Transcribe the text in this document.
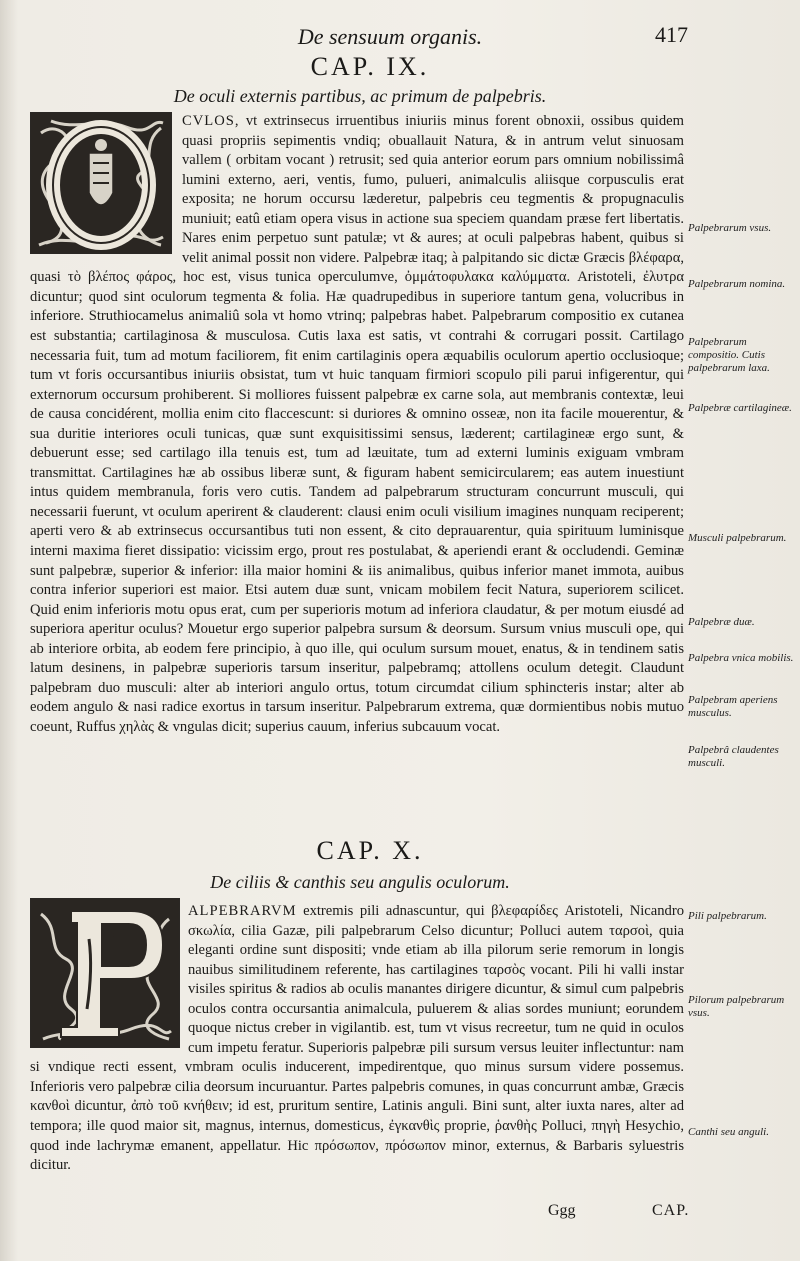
De sensuum organis.	417
CAP. IX.
De oculi externis partibus, ac primum de palpebris.
CVLOS, vt extrinsecus irruentibus iniuriis minus forent obnoxii, ossibus quidem quasi propriis sepimentis vndiq; obuallauit Natura, & in antrum velut sinuosam vallem ( orbitam vocant ) retrusit; sed quia anterior eorum pars omnium nobilissimâ lumini externo, aeri, ventis, fumo, pulueri, animalculis aliisque corpusculis erat exposita; ne horum occursu læderetur, palpebris ceu tegmentis & propugnaculis muniuit; eatû etiam opera visus in actione sua speciem quandam præse fert libertatis. Nares enim perpetuo sunt patulæ; vt & aures; at oculi palpebras habent, quibus si velit animal possit non videre. Palpebræ itaq; à palpitando sic dictæ Græcis βλέφαρα, quasi τὸ βλέπος φάρος, hoc est, visus tunica operculumve, ὀμμάτοφυλακα καλύμματα. Aristoteli, ἐλυτρα dicuntur; quod sint oculorum tegmenta & folia. Hæ quadrupedibus in superiore tantum gena, volucribus in inferiore. Struthiocamelus animaliû sola vt homo vtrinq; palpebras habet. Palpebrarum compositio ex cutanea est substantia; cartilaginosa & musculosa. Cutis laxa est satis, vt contrahi & corrugari possit. Cartilago necessaria fuit, tum ad motum faciliorem, fit enim cartilaginis opera æquabilis oculorum apertio occlusioque; tum vt foris occursantibus iniuriis obsistat, tum vt huic tanquam firmiori scopulo pili parui infigerentur, qui externorum occursum prohiberent. Si molliores fuissent palpebræ ex carne sola, aut membranis contextæ, leui de causa concidérent, mollia enim cito flaccescunt: si duriores & omnino osseæ, non ita facile mouerentur, & sua duritie interiores oculi tunicas, quæ sunt exquisitissimi sensus, læderent; cartilagineæ ergo sunt, & debuerunt esse; sed cartilago illa tenuis est, tum ad læuitate, tum ad externi luminis exiguam vmbram transmittat. Cartilagines hæ ab ossibus liberæ sunt, & figuram habent semicircularem; eas autem inuestiunt intus quidem membranula, foris vero cutis. Tandem ad palpebrarum structuram concurrunt musculi, qui necessarii fuerunt, vt oculum aperirent & clauderent: clausi enim oculi visilium imagines nunquam reciperent; aperti vero & ab extrinsecus occursantibus tuti non essent, & cito deprauarentur, quia spirituum luminisque interni maxima fieret dissipatio: vicissim ergo, prout res postulabat, & aperiendi erant & occludendi. Geminæ sunt palpebræ, superior & inferior: illa maior homini & iis animalibus, quibus inferior manet immota, auibus contra inferior superiori est maior. Etsi autem duæ sunt, vnicam mobilem fecit Natura, superiorem scilicet. Quid enim inferioris motu opus erat, cum per superioris motum ad inferiora claudatur, & per motum eiusdé ad superiora aperitur oculus? Mouetur ergo superior palpebra sursum & deorsum. Sursum vnius musculi ope, qui ab interiore orbita, ab eodem fere principio, à quo ille, qui oculum sursum mouet, enatus, & in tendinem satis latum desinens, in palpebræ superioris tarsum inseritur, palpebramq; attollens oculum detegit. Claudunt palpebram duo musculi: alter ab interiori angulo ortus, totum circumdat cilium sphincteris instar; alter ab eodem angulo & nasi radice exortus in tarsum inseritur. Palpebrarum extrema, quæ dormientibus nobis mutuo coeunt, Ruffus χηλὰς & vngulas dicit; superius cauum, inferius subcauum vocat.
CAP. X.
De ciliis & canthis seu angulis oculorum.
ALPEBRARVM extremis pili adnascuntur, qui βλεφαρίδες Aristoteli, Nicandro σκωλία, cilia Gazæ, pili palpebrarum Celso dicuntur; Polluci autem ταρσοὶ, quia eleganti ordine sunt dispositi; vnde etiam ab illa pilorum serie remorum in longis nauibus similitudinem referente, has cartilagines ταρσὸς vocant. Pili hi valli instar visiles spiritus & radios ab oculis manantes dirigere dicuntur, & simul cum palpebris oculos contra occursantia animalcula, puluerem & alias sordes muniunt; eorundem quoque nictus creber in vigilantib. est, tum vt visus recreetur, tum ne quid in oculos cum impetu feratur. Superioris palpebræ pili sursum versus leuiter inflectuntur: nam si vndique recti essent, vmbram oculis inducerent, impedirentque, quo minus sursum videre possemus. Inferioris vero palpebræ cilia deorsum incuruantur. Partes palpebris comunes, in quas concurrunt ambæ, Græcis κανθοὶ dicuntur, ἀπὸ τοῦ κνήθειν; id est, pruritum sentire, Latinis anguli. Bini sunt, alter iuxta nares, alter ad tempora; ille quod maior sit, magnus, internus, domesticus, ἐγκανθὶς proprie, ῥανθὴς Polluci, πηγὴ Hesychio, quod inde lachrymæ emanent, appellatur. Hic πρόσωπον, πρόσωπον minor, externus, & Barbaris syluestris dicitur.
Palpebrarum vsus.
Palpebrarum nomina.
Palpebrarum compositio. Cutis palpebrarum laxa.
Palpebræ cartilagineæ.
Musculi palpebrarum.
Palpebræ duæ.
Palpebra vnica mobilis.
Palpebram aperiens musculus.
Palpebrâ claudentes musculi.
Pili palpebrarum.
Pilorum palpebrarum vsus.
Canthi seu anguli.
Ggg	CAP.
